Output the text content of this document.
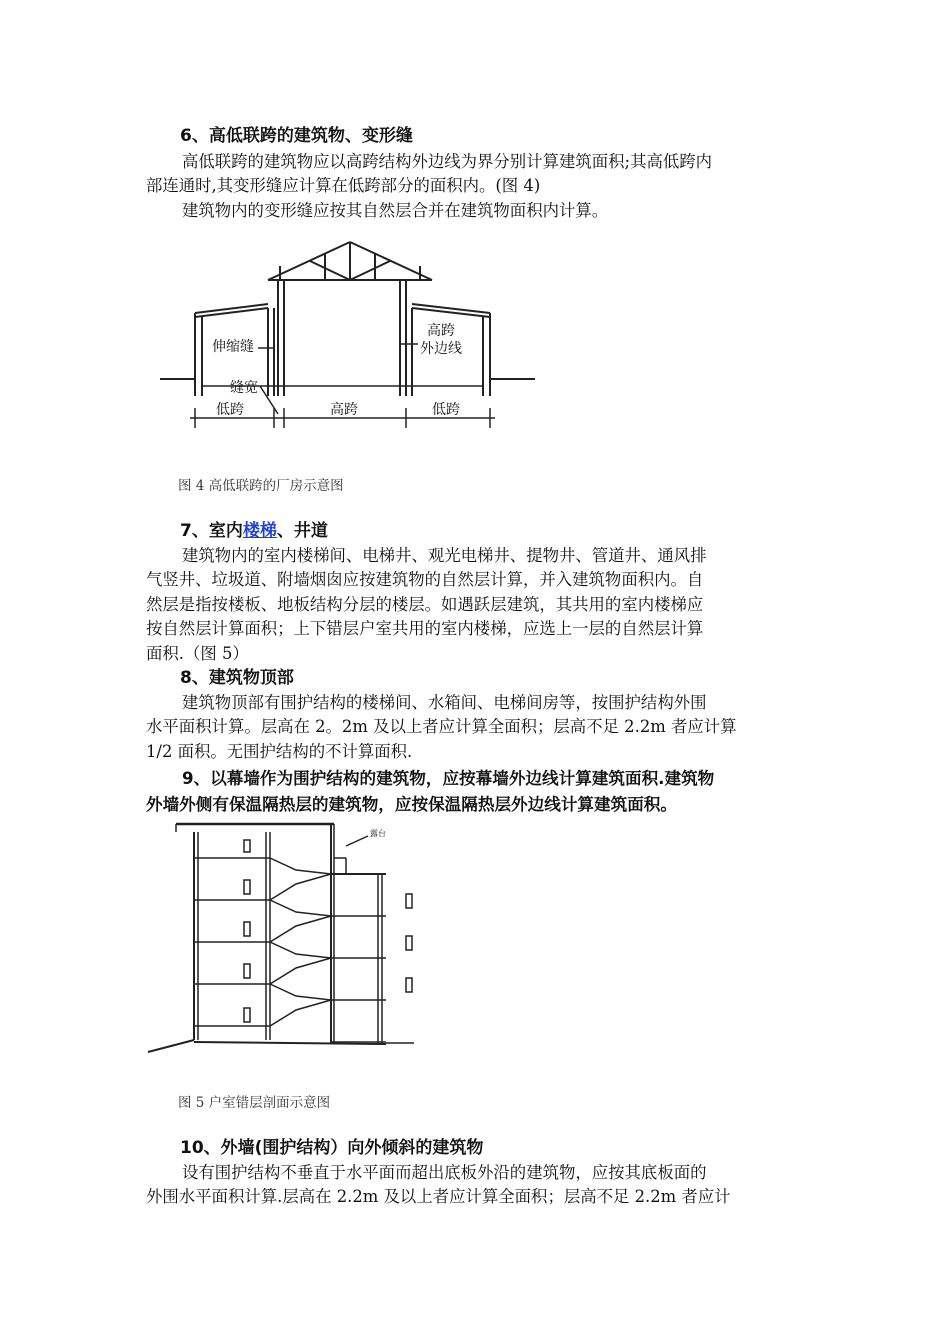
6、高低联跨的建筑物、变形缝
高低联跨的建筑物应以高跨结构外边线为界分别计算建筑面积;其高低跨内
部连通时,其变形缝应计算在低跨部分的面积内。(图 4)
建筑物内的变形缝应按其自然层合并在建筑物面积内计算。
伸缩缝
高跨
外边线
缝宽
低跨	高跨	低跨
图 4 高低联跨的厂房示意图
7、室内楼梯、井道
建筑物内的室内楼梯间、电梯井、观光电梯井、提物井、管道井、通风排
气竖井、垃圾道、附墙烟囱应按建筑物的自然层计算，并入建筑物面积内。自
然层是指按楼板、地板结构分层的楼层。如遇跃层建筑，其共用的室内楼梯应
按自然层计算面积；上下错层户室共用的室内楼梯，应选上一层的自然层计算
面积.（图 5）
8、建筑物顶部
建筑物顶部有围护结构的楼梯间、水箱间、电梯间房等，按围护结构外围
水平面积计算。层高在 2。2m 及以上者应计算全面积；层高不足 2.2m 者应计算
1/2 面积。无围护结构的不计算面积.
9、以幕墙作为围护结构的建筑物，应按幕墙外边线计算建筑面积.建筑物
外墙外侧有保温隔热层的建筑物，应按保温隔热层外边线计算建筑面积。
露台
图 5 户室错层剖面示意图
10、外墙(围护结构）向外倾斜的建筑物
设有围护结构不垂直于水平面而超出底板外沿的建筑物，应按其底板面的
外围水平面积计算.层高在 2.2m 及以上者应计算全面积；层高不足 2.2m 者应计
